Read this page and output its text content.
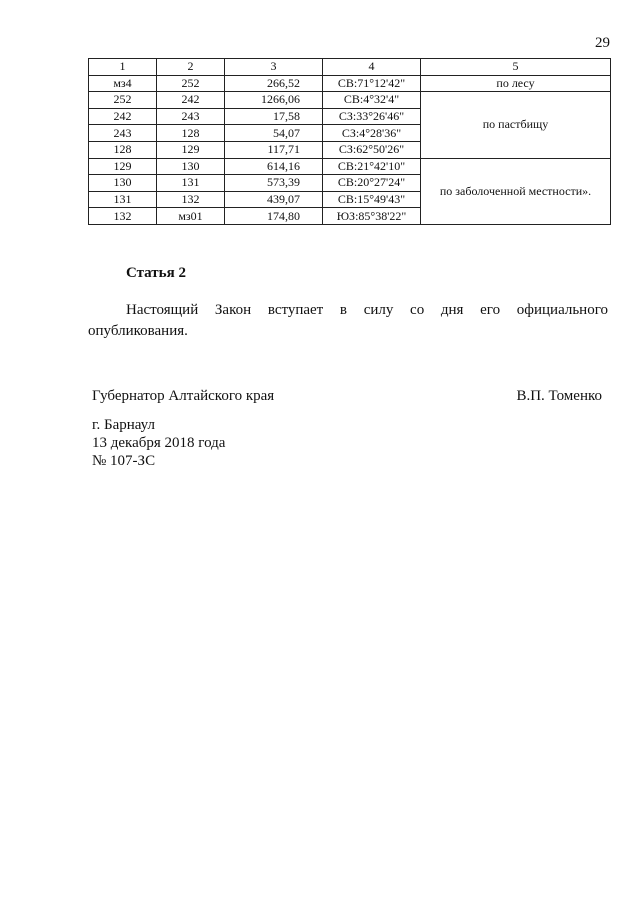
29
1	2	3	4	5
мз4	252	266,52	СВ:71°12'42"	по лесу
252	242	1266,06	СВ:4°32'4"	по пастбищу
242	243	17,58	СЗ:33°26'46"	
243	128	54,07	СЗ:4°28'36"	
128	129	117,71	СЗ:62°50'26"	
129	130	614,16	СВ:21°42'10"	по заболоченной местности».
130	131	573,39	СВ:20°27'24"	
131	132	439,07	СВ:15°49'43"	
132	мз01	174,80	ЮЗ:85°38'22"	
Статья 2

Настоящий Закон вступает в силу со дня его официального опубликования.

Губернатор Алтайского края	В.П. Томенко
г. Барнаул
13 декабря 2018 года
№ 107-ЗС
